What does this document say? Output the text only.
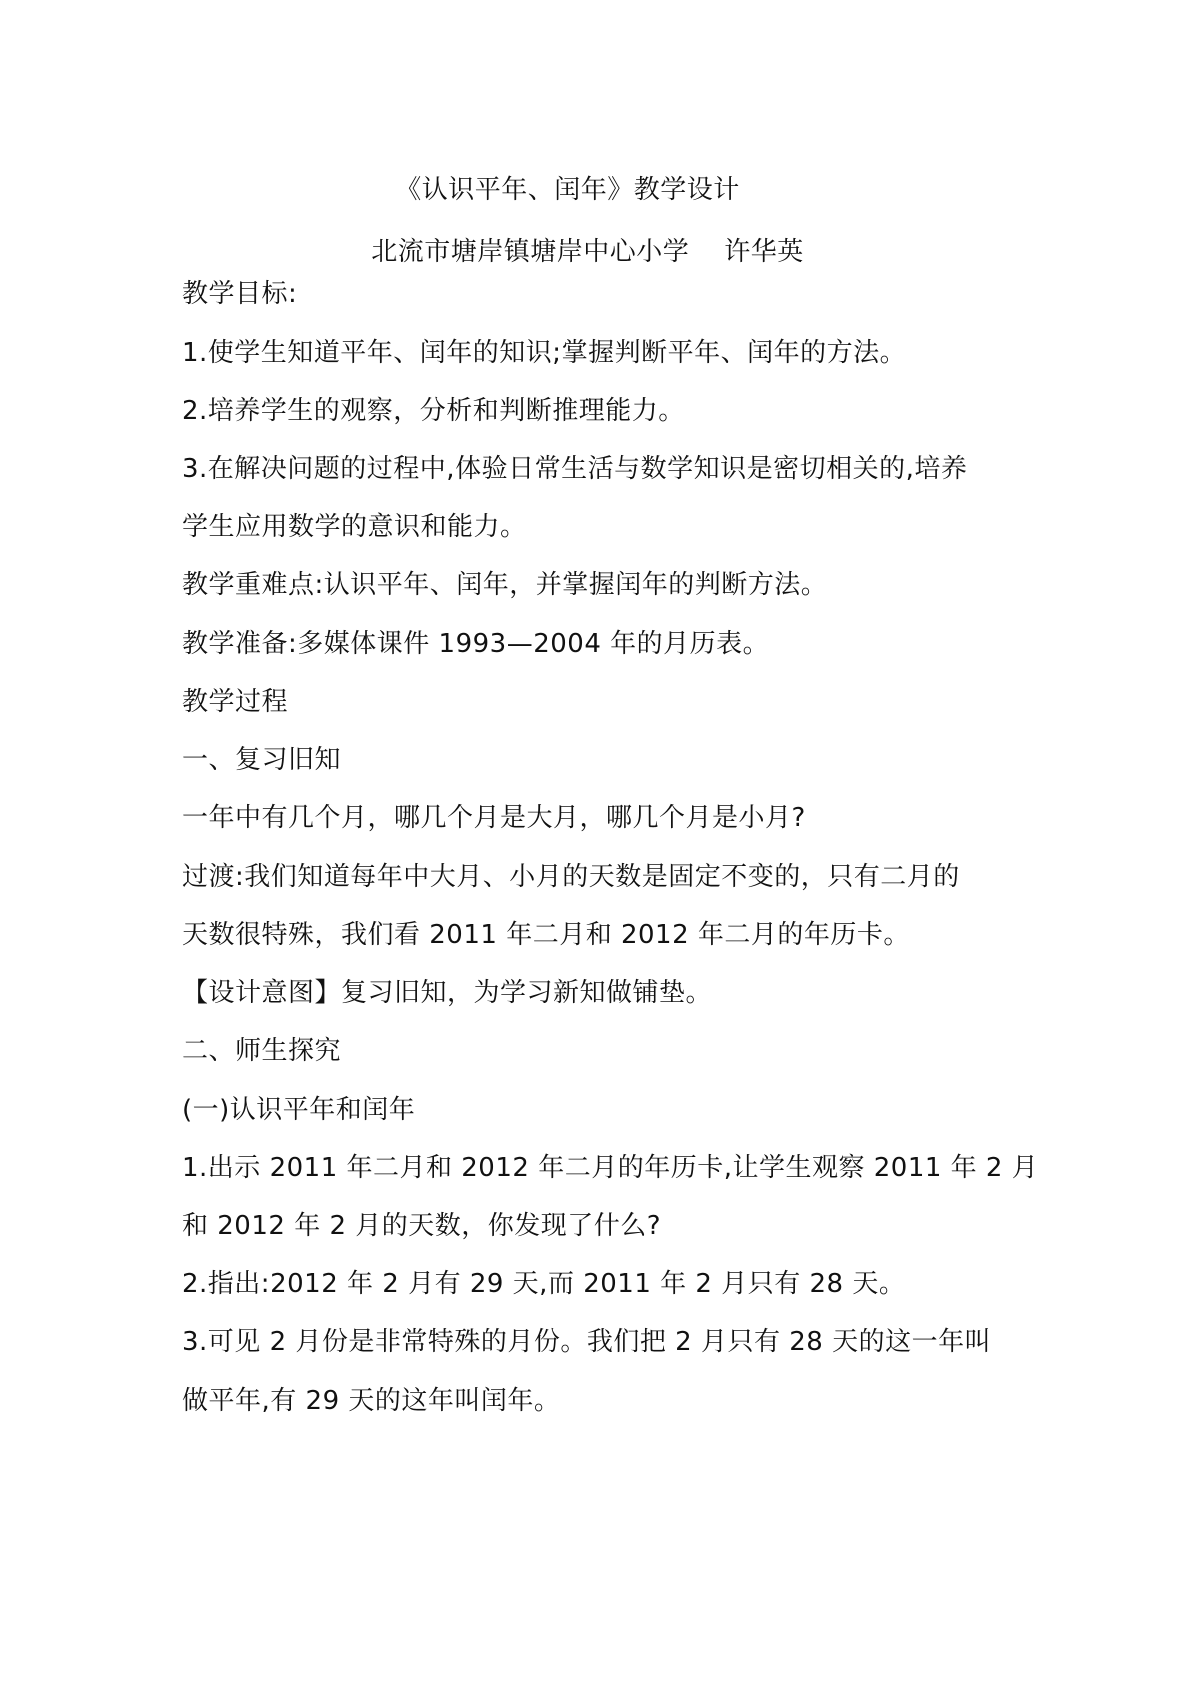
《认识平年、闰年》教学设计
北流市塘岸镇塘岸中心小学    许华英
教学目标:
1.使学生知道平年、闰年的知识;掌握判断平年、闰年的方法。
2.培养学生的观察，分析和判断推理能力。
3.在解决问题的过程中,体验日常生活与数学知识是密切相关的,培养
学生应用数学的意识和能力。
教学重难点:认识平年、闰年，并掌握闰年的判断方法。
教学准备:多媒体课件 1993—2004 年的月历表。
教学过程
一、复习旧知
一年中有几个月，哪几个月是大月，哪几个月是小月?
过渡:我们知道每年中大月、小月的天数是固定不变的，只有二月的
天数很特殊，我们看 2011 年二月和 2012 年二月的年历卡。
【设计意图】复习旧知，为学习新知做铺垫。
二、师生探究
(一)认识平年和闰年
1.出示 2011 年二月和 2012 年二月的年历卡,让学生观察 2011 年 2 月
和 2012 年 2 月的天数，你发现了什么?
2.指出:2012 年 2 月有 29 天,而 2011 年 2 月只有 28 天。
3.可见 2 月份是非常特殊的月份。我们把 2 月只有 28 天的这一年叫
做平年,有 29 天的这年叫闰年。
